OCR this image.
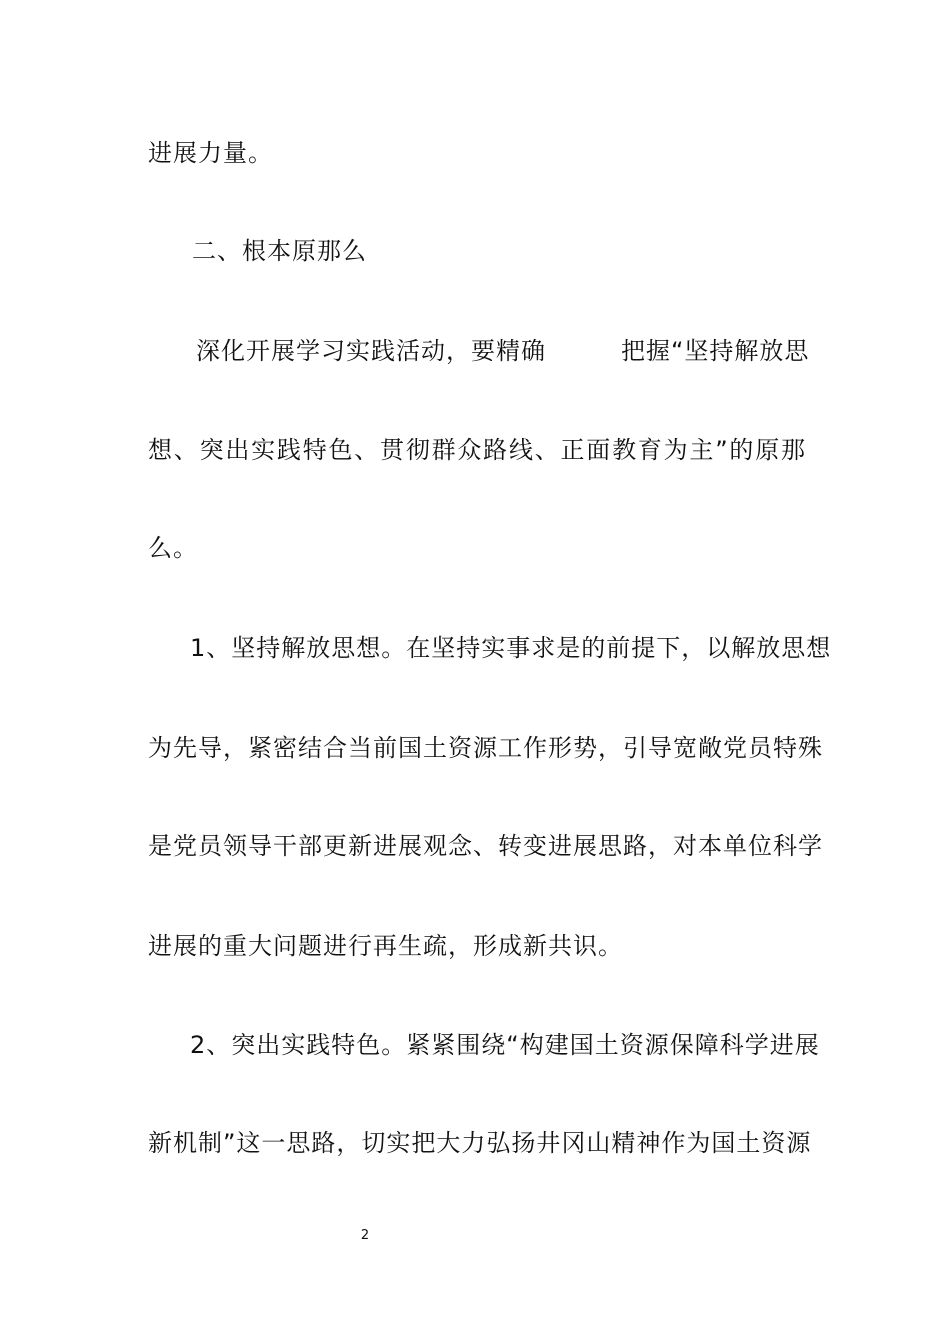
进展力量。

二、根本原那么

深化开展学习实践活动，要精确　　　把握“坚持解放思

想、突出实践特色、贯彻群众路线、正面教育为主”的原那

么。

1、坚持解放思想。在坚持实事求是的前提下，以解放思想

为先导，紧密结合当前国土资源工作形势，引导宽敞党员特殊

是党员领导干部更新进展观念、转变进展思路，对本单位科学

进展的重大问题进行再生疏，形成新共识。

2、突出实践特色。紧紧围绕“构建国土资源保障科学进展

新机制”这一思路，切实把大力弘扬井冈山精神作为国土资源

2
